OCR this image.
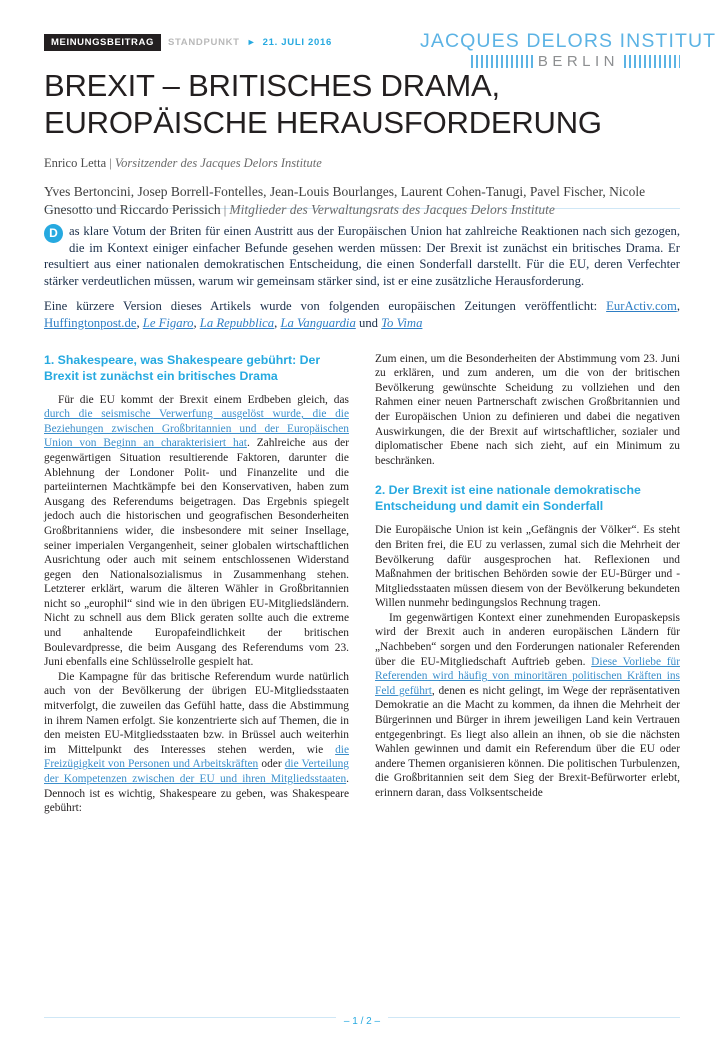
MEINUNGSBEITRAG	STANDPUNKT ► 21. JULI 2016	JACQUES DELORS INSTITUT
BERLIN
BREXIT – BRITISCHES DRAMA,
EUROPÄISCHE HERAUSFORDERUNG
Enrico Letta | Vorsitzender des Jacques Delors Institute
Yves Bertoncini, Josep Borrell-Fontelles, Jean-Louis Bourlanges, Laurent Cohen-Tanugi, Pavel Fischer, Nicole Gnesotto und Riccardo Perissich | Mitglieder des Verwaltungsrats des Jacques Delors Institute

D as klare Votum der Briten für einen Austritt aus der Europäischen Union hat zahlreiche Reaktionen nach sich gezogen, die im Kontext einiger einfacher Befunde gesehen werden müssen: Der Brexit ist zunächst ein britisches Drama. Er resultiert aus einer nationalen demokratischen Entscheidung, die einen Sonderfall darstellt. Für die EU, deren Verfechter stärker verdeutlichen müssen, warum wir gemeinsam stärker sind, ist er eine zusätzliche Herausforderung.

Eine kürzere Version dieses Artikels wurde von folgenden europäischen Zeitungen veröffentlicht: EurActiv.com, Huffingtonpost.de, Le Figaro, La Repubblica, La Vanguardia und To Vima

1. Shakespeare, was Shakespeare gebührt: Der Brexit ist zunächst ein britisches Drama

Für die EU kommt der Brexit einem Erdbeben gleich, das durch die seismische Verwerfung ausgelöst wurde, die die Beziehungen zwischen Großbritannien und der Europäischen Union von Beginn an charakterisiert hat. Zahlreiche aus der gegenwärtigen Situation resultierende Faktoren, darunter die Ablehnung der Londoner Polit- und Finanzelite und die parteiinternen Machtkämpfe bei den Konservativen, haben zum Ausgang des Referendums beigetragen. Das Ergebnis spiegelt jedoch auch die historischen und geografischen Besonderheiten Großbritanniens wider, die insbesondere mit seiner Insellage, seiner imperialen Vergangenheit, seiner globalen wirtschaftlichen Ausrichtung oder auch mit seinem entschlossenen Widerstand gegen den Nationalsozialismus in Zusammenhang stehen. Letzterer erklärt, warum die älteren Wähler in Großbritannien nicht so „europhil“ sind wie in den übrigen EU-Mitgliedsländern. Nicht zu schnell aus dem Blick geraten sollte auch die extreme und anhaltende Europafeindlichkeit der britischen Boulevardpresse, die beim Ausgang des Referendums vom 23. Juni ebenfalls eine Schlüsselrolle gespielt hat.

Die Kampagne für das britische Referendum wurde natürlich auch von der Bevölkerung der übrigen EU-Mitgliedsstaaten mitverfolgt, die zuweilen das Gefühl hatte, dass die Abstimmung in ihrem Namen erfolgt. Sie konzentrierte sich auf Themen, die in den meisten EU-Mitgliedsstaaten bzw. in Brüssel auch weiterhin im Mittelpunkt des Interesses stehen werden, wie die Freizügigkeit von Personen und Arbeitskräften oder die Verteilung der Kompetenzen zwischen der EU und ihren Mitgliedsstaaten. Dennoch ist es wichtig, Shakespeare zu geben, was Shakespeare gebührt:

Zum einen, um die Besonderheiten der Abstimmung vom 23. Juni zu erklären, und zum anderen, um die von der britischen Bevölkerung gewünschte Scheidung zu vollziehen und den Rahmen einer neuen Partnerschaft zwischen Großbritannien und der Europäischen Union zu definieren und dabei die negativen Auswirkungen, die der Brexit auf wirtschaftlicher, sozialer und diplomatischer Ebene nach sich zieht, auf ein Minimum zu beschränken.

2. Der Brexit ist eine nationale demokratische Entscheidung und damit ein Sonderfall

Die Europäische Union ist kein „Gefängnis der Völker“. Es steht den Briten frei, die EU zu verlassen, zumal sich die Mehrheit der Bevölkerung dafür ausgesprochen hat. Reflexionen und Maßnahmen der britischen Behörden sowie der EU-Bürger und -Mitgliedsstaaten müssen diesem von der Bevölkerung bekundeten Willen nunmehr bedingungslos Rechnung tragen.

Im gegenwärtigen Kontext einer zunehmenden Europaskepsis wird der Brexit auch in anderen europäischen Ländern für „Nachbeben“ sorgen und den Forderungen nationaler Referenden über die EU-Mitgliedschaft Auftrieb geben. Diese Vorliebe für Referenden wird häufig von minoritären politischen Kräften ins Feld geführt, denen es nicht gelingt, im Wege der repräsentativen Demokratie an die Macht zu kommen, da ihnen die Mehrheit der Bürgerinnen und Bürger in ihrem jeweiligen Land kein Vertrauen entgegenbringt. Es liegt also allein an ihnen, ob sie die nächsten Wahlen gewinnen und damit ein Referendum über die EU oder andere Themen organisieren können. Die politischen Turbulenzen, die Großbritannien seit dem Sieg der Brexit-Befürworter erlebt, erinnern daran, dass Volksentscheide

– 1 / 2 –
